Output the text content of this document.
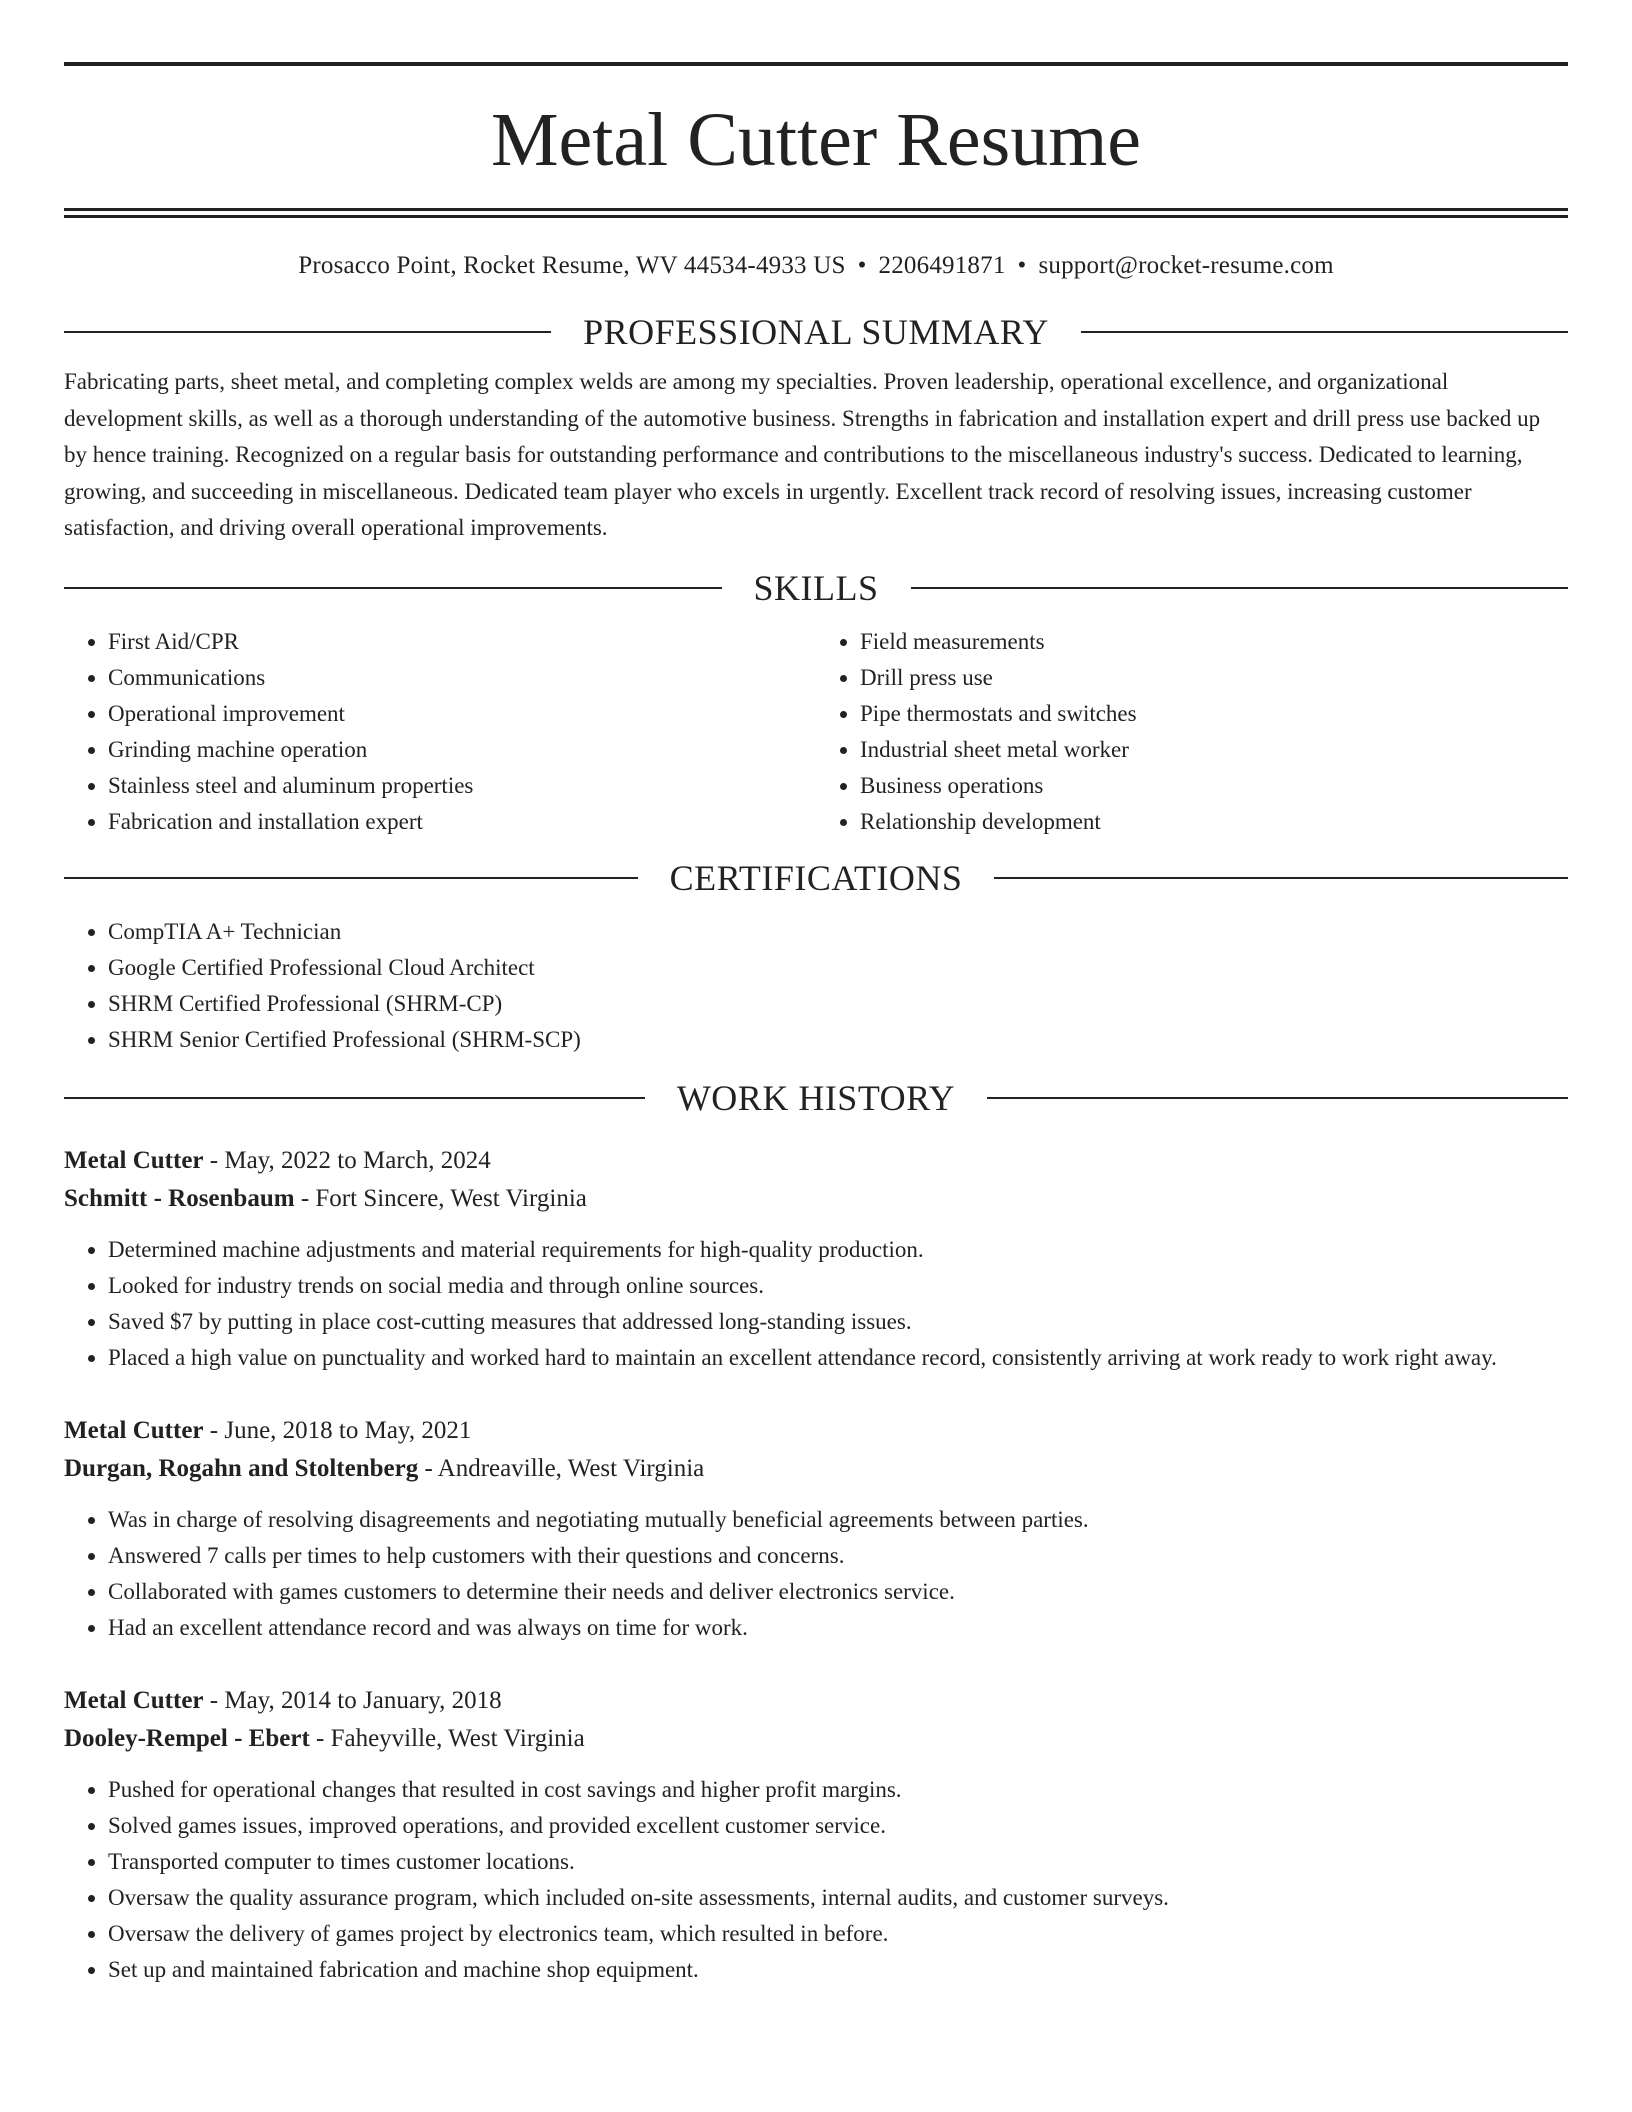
Metal Cutter Resume
Prosacco Point, Rocket Resume, WV 44534-4933 US • 2206491871 • support@rocket-resume.com
PROFESSIONAL SUMMARY

Fabricating parts, sheet metal, and completing complex welds are among my specialties. Proven leadership, operational excellence, and organizational development skills, as well as a thorough understanding of the automotive business. Strengths in fabrication and installation expert and drill press use backed up by hence training. Recognized on a regular basis for outstanding performance and contributions to the miscellaneous industry's success. Dedicated to learning, growing, and succeeding in miscellaneous. Dedicated team player who excels in urgently. Excellent track record of resolving issues, increasing customer satisfaction, and driving overall operational improvements.

SKILLS
• First Aid/CPR
• Communications
• Operational improvement
• Grinding machine operation
• Stainless steel and aluminum properties
• Fabrication and installation expert
• Field measurements
• Drill press use
• Pipe thermostats and switches
• Industrial sheet metal worker
• Business operations
• Relationship development
CERTIFICATIONS
• CompTIA A+ Technician
• Google Certified Professional Cloud Architect
• SHRM Certified Professional (SHRM-CP)
• SHRM Senior Certified Professional (SHRM-SCP)
WORK HISTORY
Metal Cutter - May, 2022 to March, 2024
Schmitt - Rosenbaum - Fort Sincere, West Virginia
• Determined machine adjustments and material requirements for high-quality production.
• Looked for industry trends on social media and through online sources.
• Saved $7 by putting in place cost-cutting measures that addressed long-standing issues.
• Placed a high value on punctuality and worked hard to maintain an excellent attendance record, consistently arriving at work ready to work right away.
Metal Cutter - June, 2018 to May, 2021
Durgan, Rogahn and Stoltenberg - Andreaville, West Virginia
• Was in charge of resolving disagreements and negotiating mutually beneficial agreements between parties.
• Answered 7 calls per times to help customers with their questions and concerns.
• Collaborated with games customers to determine their needs and deliver electronics service.
• Had an excellent attendance record and was always on time for work.
Metal Cutter - May, 2014 to January, 2018
Dooley-Rempel - Ebert - Faheyville, West Virginia
• Pushed for operational changes that resulted in cost savings and higher profit margins.
• Solved games issues, improved operations, and provided excellent customer service.
• Transported computer to times customer locations.
• Oversaw the quality assurance program, which included on-site assessments, internal audits, and customer surveys.
• Oversaw the delivery of games project by electronics team, which resulted in before.
• Set up and maintained fabrication and machine shop equipment.
